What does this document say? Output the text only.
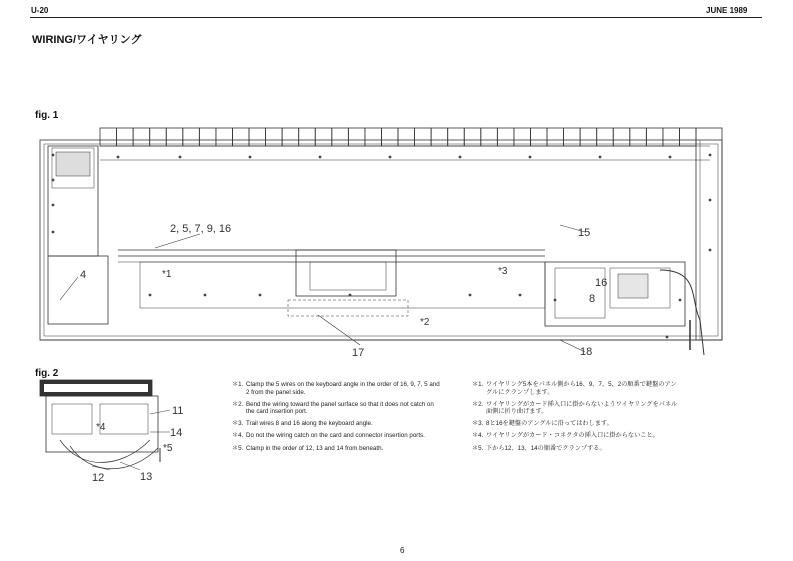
U-20	JUNE 1989
WIRING/ワイヤリング
fig. 1
fig. 2
2, 5, 7, 9, 16
4	*1	*3
15
16
8
*2
17	18
11
14
*4
*5
12	13
＊1. Clamp the 5 wires on the keyboard angle in the order of 16, 9, 7, 5 and 2 from the panel side.
＊2. Bend the wiring toward the panel surface so that it does not catch on the card insertion port.
＊3. Trail wires 8 and 16 along the keyboard angle.
＊4. Do not the wiring catch on the card and connector insertion ports.
＊5. Clamp in the order of 12, 13 and 14 from beneath.
＊1. ワイヤリング5本をパネル側から16、9、7、5、2の順番で鍵盤のアングルにクランプします。
＊2. ワイヤリングがカード挿入口に掛からないようワイヤリングをパネル面側に折り曲げます。
＊3. 8と16を鍵盤のアングルに沿ってはわします。
＊4. ワイヤリングがカード・コネクタの挿入口に掛からないこと。
＊5. 下から12、13、14の順番でクランプする。
6
